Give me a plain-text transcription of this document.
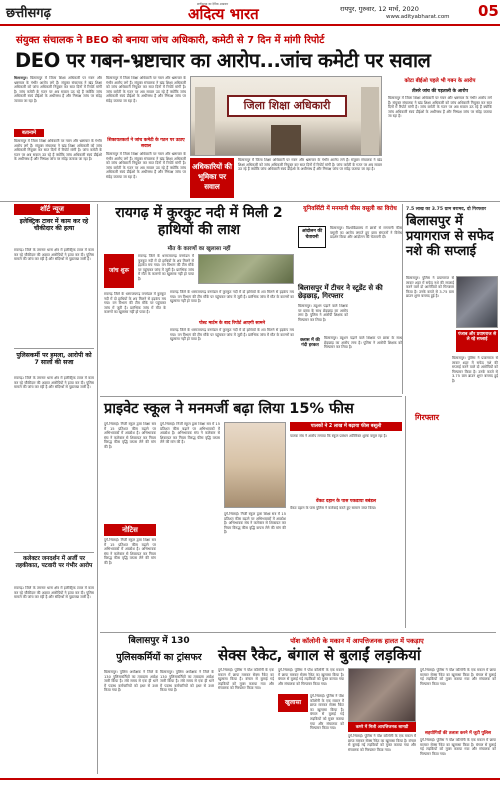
छत्तीसगढ़
छत्तीसगढ़ का दैनिक अखबार
अदित्य भारत	रायपुर, गुरुवार, 12 मार्च, 2020
www.adityabharat.com 05
संयुक्त संचालक ने BEO को बनाया जांच अधिकारी, कमेटी से 7 दिन में मांगी रिपोर्ट
DEO पर गबन-भ्रष्टाचार का आरोप...जांच कमेटी पर सवाल
बिलासपुर। बिलासपुर में जिला शिक्षा अधिकारी पर गबन और भ्रष्टाचार के गंभीर आरोप लगे हैं। संयुक्त संचालक ने खंड शिक्षा अधिकारी को जांच अधिकारी नियुक्त कर सात दिनों में रिपोर्ट मांगी है। जांच कमेटी के गठन पर अब सवाल उठ रहे हैं क्योंकि जांच अधिकारी स्वयं डीईओ के अधीनस्थ हैं और निष्पक्ष जांच पर संदेह जताया जा रहा है।
बतानामें
बिलासपुर में जिला शिक्षा अधिकारी पर गबन और भ्रष्टाचार के गंभीर आरोप लगे हैं। संयुक्त संचालक ने खंड शिक्षा अधिकारी को जांच अधिकारी नियुक्त कर सात दिनों में रिपोर्ट मांगी है। जांच कमेटी के गठन पर अब सवाल उठ रहे हैं क्योंकि जांच अधिकारी स्वयं डीईओ के अधीनस्थ हैं और निष्पक्ष जांच पर संदेह जताया जा रहा है।
बिलासपुर में जिला शिक्षा अधिकारी पर गबन और भ्रष्टाचार के गंभीर आरोप लगे हैं। संयुक्त संचालक ने खंड शिक्षा अधिकारी को जांच अधिकारी नियुक्त कर सात दिनों में रिपोर्ट मांगी है। जांच कमेटी के गठन पर अब सवाल उठ रहे हैं क्योंकि जांच अधिकारी स्वयं डीईओ के अधीनस्थ हैं और निष्पक्ष जांच पर संदेह जताया जा रहा है।
शिकायतकर्ता ने जांच कमेटी के गठन पर उठाए सवाल
बिलासपुर में जिला शिक्षा अधिकारी पर गबन और भ्रष्टाचार के गंभीर आरोप लगे हैं। संयुक्त संचालक ने खंड शिक्षा अधिकारी को जांच अधिकारी नियुक्त कर सात दिनों में रिपोर्ट मांगी है। जांच कमेटी के गठन पर अब सवाल उठ रहे हैं क्योंकि जांच अधिकारी स्वयं डीईओ के अधीनस्थ हैं और निष्पक्ष जांच पर संदेह जताया जा रहा है।
जिला शिक्षा अधिकारी
अधिकारियों की भूमिका पर सवाल
बिलासपुर में जिला शिक्षा अधिकारी पर गबन और भ्रष्टाचार के गंभीर आरोप लगे हैं। संयुक्त संचालक ने खंड शिक्षा अधिकारी को जांच अधिकारी नियुक्त कर सात दिनों में रिपोर्ट मांगी है। जांच कमेटी के गठन पर अब सवाल उठ रहे हैं क्योंकि जांच अधिकारी स्वयं डीईओ के अधीनस्थ हैं और निष्पक्ष जांच पर संदेह जताया जा रहा है।
कोटा बीईओ पहले भी गबन के आरोप
तीसरे जांच की पड़ताली के आरोप
बिलासपुर में जिला शिक्षा अधिकारी पर गबन और भ्रष्टाचार के गंभीर आरोप लगे हैं। संयुक्त संचालक ने खंड शिक्षा अधिकारी को जांच अधिकारी नियुक्त कर सात दिनों में रिपोर्ट मांगी है। जांच कमेटी के गठन पर अब सवाल उठ रहे हैं क्योंकि जांच अधिकारी स्वयं डीईओ के अधीनस्थ हैं और निष्पक्ष जांच पर संदेह जताया जा रहा है।
शॉर्ट न्यूज
इलेक्ट्रिक टावर में काम कर रहे चौकीदार की हत्या
रायगढ़। जिले के तमनार थाना क्षेत्र में इलेक्ट्रिक टावर में काम कर रहे चौकीदार की अज्ञात आरोपियों ने हत्या कर दी। पुलिस मामले की जांच कर रही है और संदिग्धों से पूछताछ जारी है।
पुलिसकर्मी पर हमला, आरोपी को 7 सालों की सजा
रायगढ़। जिले के तमनार थाना क्षेत्र में इलेक्ट्रिक टावर में काम कर रहे चौकीदार की अज्ञात आरोपियों ने हत्या कर दी। पुलिस मामले की जांच कर रही है और संदिग्धों से पूछताछ जारी है।
कलेक्टर जनदर्शन में अर्जी पर तहकीकात, पटवारी पर गंभीर आरोप
रायगढ़। जिले के तमनार थाना क्षेत्र में इलेक्ट्रिक टावर में काम कर रहे चौकीदार की अज्ञात आरोपियों ने हत्या कर दी। पुलिस मामले की जांच कर रही है और संदिग्धों से पूछताछ जारी है।
रायगढ़ में कुरकुट नदी में मिली 2 हाथियों की लाश
मौत के कारणों का खुलासा नहीं
जांच शुरू
रायगढ़ जिले के धरमजयगढ़ वनमंडल में कुरकुट नदी में दो हाथियों के शव मिलने से हड़कंप मच गया। वन विभाग की टीम मौके पर पहुंचकर जांच में जुटी है। प्रारंभिक जांच में मौत के कारणों का खुलासा नहीं हो पाया है।
रायगढ़ जिले के धरमजयगढ़ वनमंडल में कुरकुट नदी में दो हाथियों के शव मिलने से हड़कंप मच गया। वन विभाग की टीम मौके पर पहुंचकर जांच में जुटी है। प्रारंभिक जांच में मौत के कारणों का खुलासा नहीं हो पाया है।
पोस्ट मार्टम के बाद रिपोर्ट आएगी सामने
रायगढ़ जिले के धरमजयगढ़ वनमंडल में कुरकुट नदी में दो हाथियों के शव मिलने से हड़कंप मच गया। वन विभाग की टीम मौके पर पहुंचकर जांच में जुटी है। प्रारंभिक जांच में मौत के कारणों का खुलासा नहीं हो पाया है।
रायगढ़ जिले के धरमजयगढ़ वनमंडल में कुरकुट नदी में दो हाथियों के शव मिलने से हड़कंप मच गया। वन विभाग की टीम मौके पर पहुंचकर जांच में जुटी है। प्रारंभिक जांच में मौत के कारणों का खुलासा नहीं हो पाया है।
यूनिवर्सिटी में मनमानी फीस वसूली का विरोध
आंदोलन की चेतावनी
बिलासपुर। विश्वविद्यालय में छात्रों से मनमानी फीस वसूली का आरोप लगाते हुए छात्र संगठनों ने विरोध प्रदर्शन किया और आंदोलन की चेतावनी दी।
बिलासपुर में टीचर ने स्टूडेंट से की छेड़छाड़, गिरफ्तार
बिलासपुर। ट्यूशन पढ़ाने वाले शिक्षक पर छात्रा के साथ छेड़छाड़ का आरोप लगा है। पुलिस ने आरोपी शिक्षक को गिरफ्तार कर लिया है।
क्लास में की गंदी हरकत
बिलासपुर। ट्यूशन पढ़ाने वाले शिक्षक पर छात्रा के साथ छेड़छाड़ का आरोप लगा है। पुलिस ने आरोपी शिक्षक को गिरफ्तार कर लिया है।
7.5 लाख का 3.75 ग्राम बरामद, दो गिरफ्तार
बिलासपुर में प्रयागराज से सफेद नशे की सप्लाई
बिलासपुर। पुलिस ने प्रयागराज से लाकर शहर में सफेद नशे की सप्लाई करने वाले दो आरोपियों को गिरफ्तार किया है। उनके कब्जे से 3.75 ग्राम ब्राउन शुगर बरामद हुई है।
पंजाब और प्रयागराज से ले रहे सप्लाई
गिरफ्तार
बिलासपुर। पुलिस ने प्रयागराज से लाकर शहर में सफेद नशे की सप्लाई करने वाले दो आरोपियों को गिरफ्तार किया है। उनके कब्जे से 3.75 ग्राम ब्राउन शुगर बरामद हुई है।
प्राइवेट स्कूल ने मनमर्जी बढ़ा लिया 15% फीस
दुर्ग-भिलाई। निजी स्कूल द्वारा शिक्षा सत्र में 15 प्रतिशत फीस बढ़ाने पर अभिभावकों में आक्रोश है। अभिभावक संघ ने कलेक्टर से शिकायत कर नियम विरुद्ध फीस वृद्धि वापस लेने की मांग की है।
नोटिस
दुर्ग-भिलाई। निजी स्कूल द्वारा शिक्षा सत्र में 15 प्रतिशत फीस बढ़ाने पर अभिभावकों में आक्रोश है। अभिभावक संघ ने कलेक्टर से शिकायत कर नियम विरुद्ध फीस वृद्धि वापस लेने की मांग की है।
दुर्ग-भिलाई। निजी स्कूल द्वारा शिक्षा सत्र में 15 प्रतिशत फीस बढ़ाने पर अभिभावकों में आक्रोश है। अभिभावक संघ ने कलेक्टर से शिकायत कर नियम विरुद्ध फीस वृद्धि वापस लेने की मांग की है।
दुर्ग-भिलाई। निजी स्कूल द्वारा शिक्षा सत्र में 15 प्रतिशत फीस बढ़ाने पर अभिभावकों में आक्रोश है। अभिभावक संघ ने कलेक्टर से शिकायत कर नियम विरुद्ध फीस वृद्धि वापस लेने की मांग की है।
पालकों ने 2 लाख में बढ़ाया फीस बसूली
पालक संघ ने आरोप लगाया कि स्कूल प्रबंधन अतिरिक्त शुल्क वसूल रहा है।
वेंकट दहान के पास पकडाया बबंडल
वेंकट दहान के पास पुलिस ने कार्रवाई करते हुए सामान जब्त किया।
बिलासपुर में 130
पुलिसकर्मियों का ट्रांसफर
बिलासपुर। पुलिस अधीक्षक ने जिले के 130 पुलिसकर्मियों का तबादला आदेश जारी किया है। लंबे समय से एक ही थाने में पदस्थ कर्मचारियों को इधर से उधर किया गया है।
बिलासपुर। पुलिस अधीक्षक ने जिले के 130 पुलिसकर्मियों का तबादला आदेश जारी किया है। लंबे समय से एक ही थाने में पदस्थ कर्मचारियों को इधर से उधर किया गया है।
पॉश कॉलोनी के मकान में आपत्तिजनक हालत में पकड़ाए
सेक्स रैकेट, बंगाल से बुलाईं लड़कियां
दुर्ग-भिलाई। पुलिस ने पॉश कॉलोनी के एक मकान में छापा मारकर सेक्स रैकेट का खुलासा किया है। बंगाल से बुलाई गई लड़कियों को मुक्त कराया गया और संचालक को गिरफ्तार किया गया।
खुलासा
दुर्ग-भिलाई। पुलिस ने पॉश कॉलोनी के एक मकान में छापा मारकर सेक्स रैकेट का खुलासा किया है। बंगाल से बुलाई गई लड़कियों को मुक्त कराया गया और संचालक को गिरफ्तार किया गया।
दुर्ग-भिलाई। पुलिस ने पॉश कॉलोनी के एक मकान में छापा मारकर सेक्स रैकेट का खुलासा किया है। बंगाल से बुलाई गई लड़कियों को मुक्त कराया गया और संचालक को गिरफ्तार किया गया।	कमरे में मिली आपत्तिजनक सामग्री
दुर्ग-भिलाई। पुलिस ने पॉश कॉलोनी के एक मकान में छापा मारकर सेक्स रैकेट का खुलासा किया है। बंगाल से बुलाई गई लड़कियों को मुक्त कराया गया और संचालक को गिरफ्तार किया गया।
दुर्ग-भिलाई। पुलिस ने पॉश कॉलोनी के एक मकान में छापा मारकर सेक्स रैकेट का खुलासा किया है। बंगाल से बुलाई गई लड़कियों को मुक्त कराया गया और संचालक को गिरफ्तार किया गया।
सहयोगियों की तलाश करने में जुटी पुलिस
दुर्ग-भिलाई। पुलिस ने पॉश कॉलोनी के एक मकान में छापा मारकर सेक्स रैकेट का खुलासा किया है। बंगाल से बुलाई गई लड़कियों को मुक्त कराया गया और संचालक को गिरफ्तार किया गया।
